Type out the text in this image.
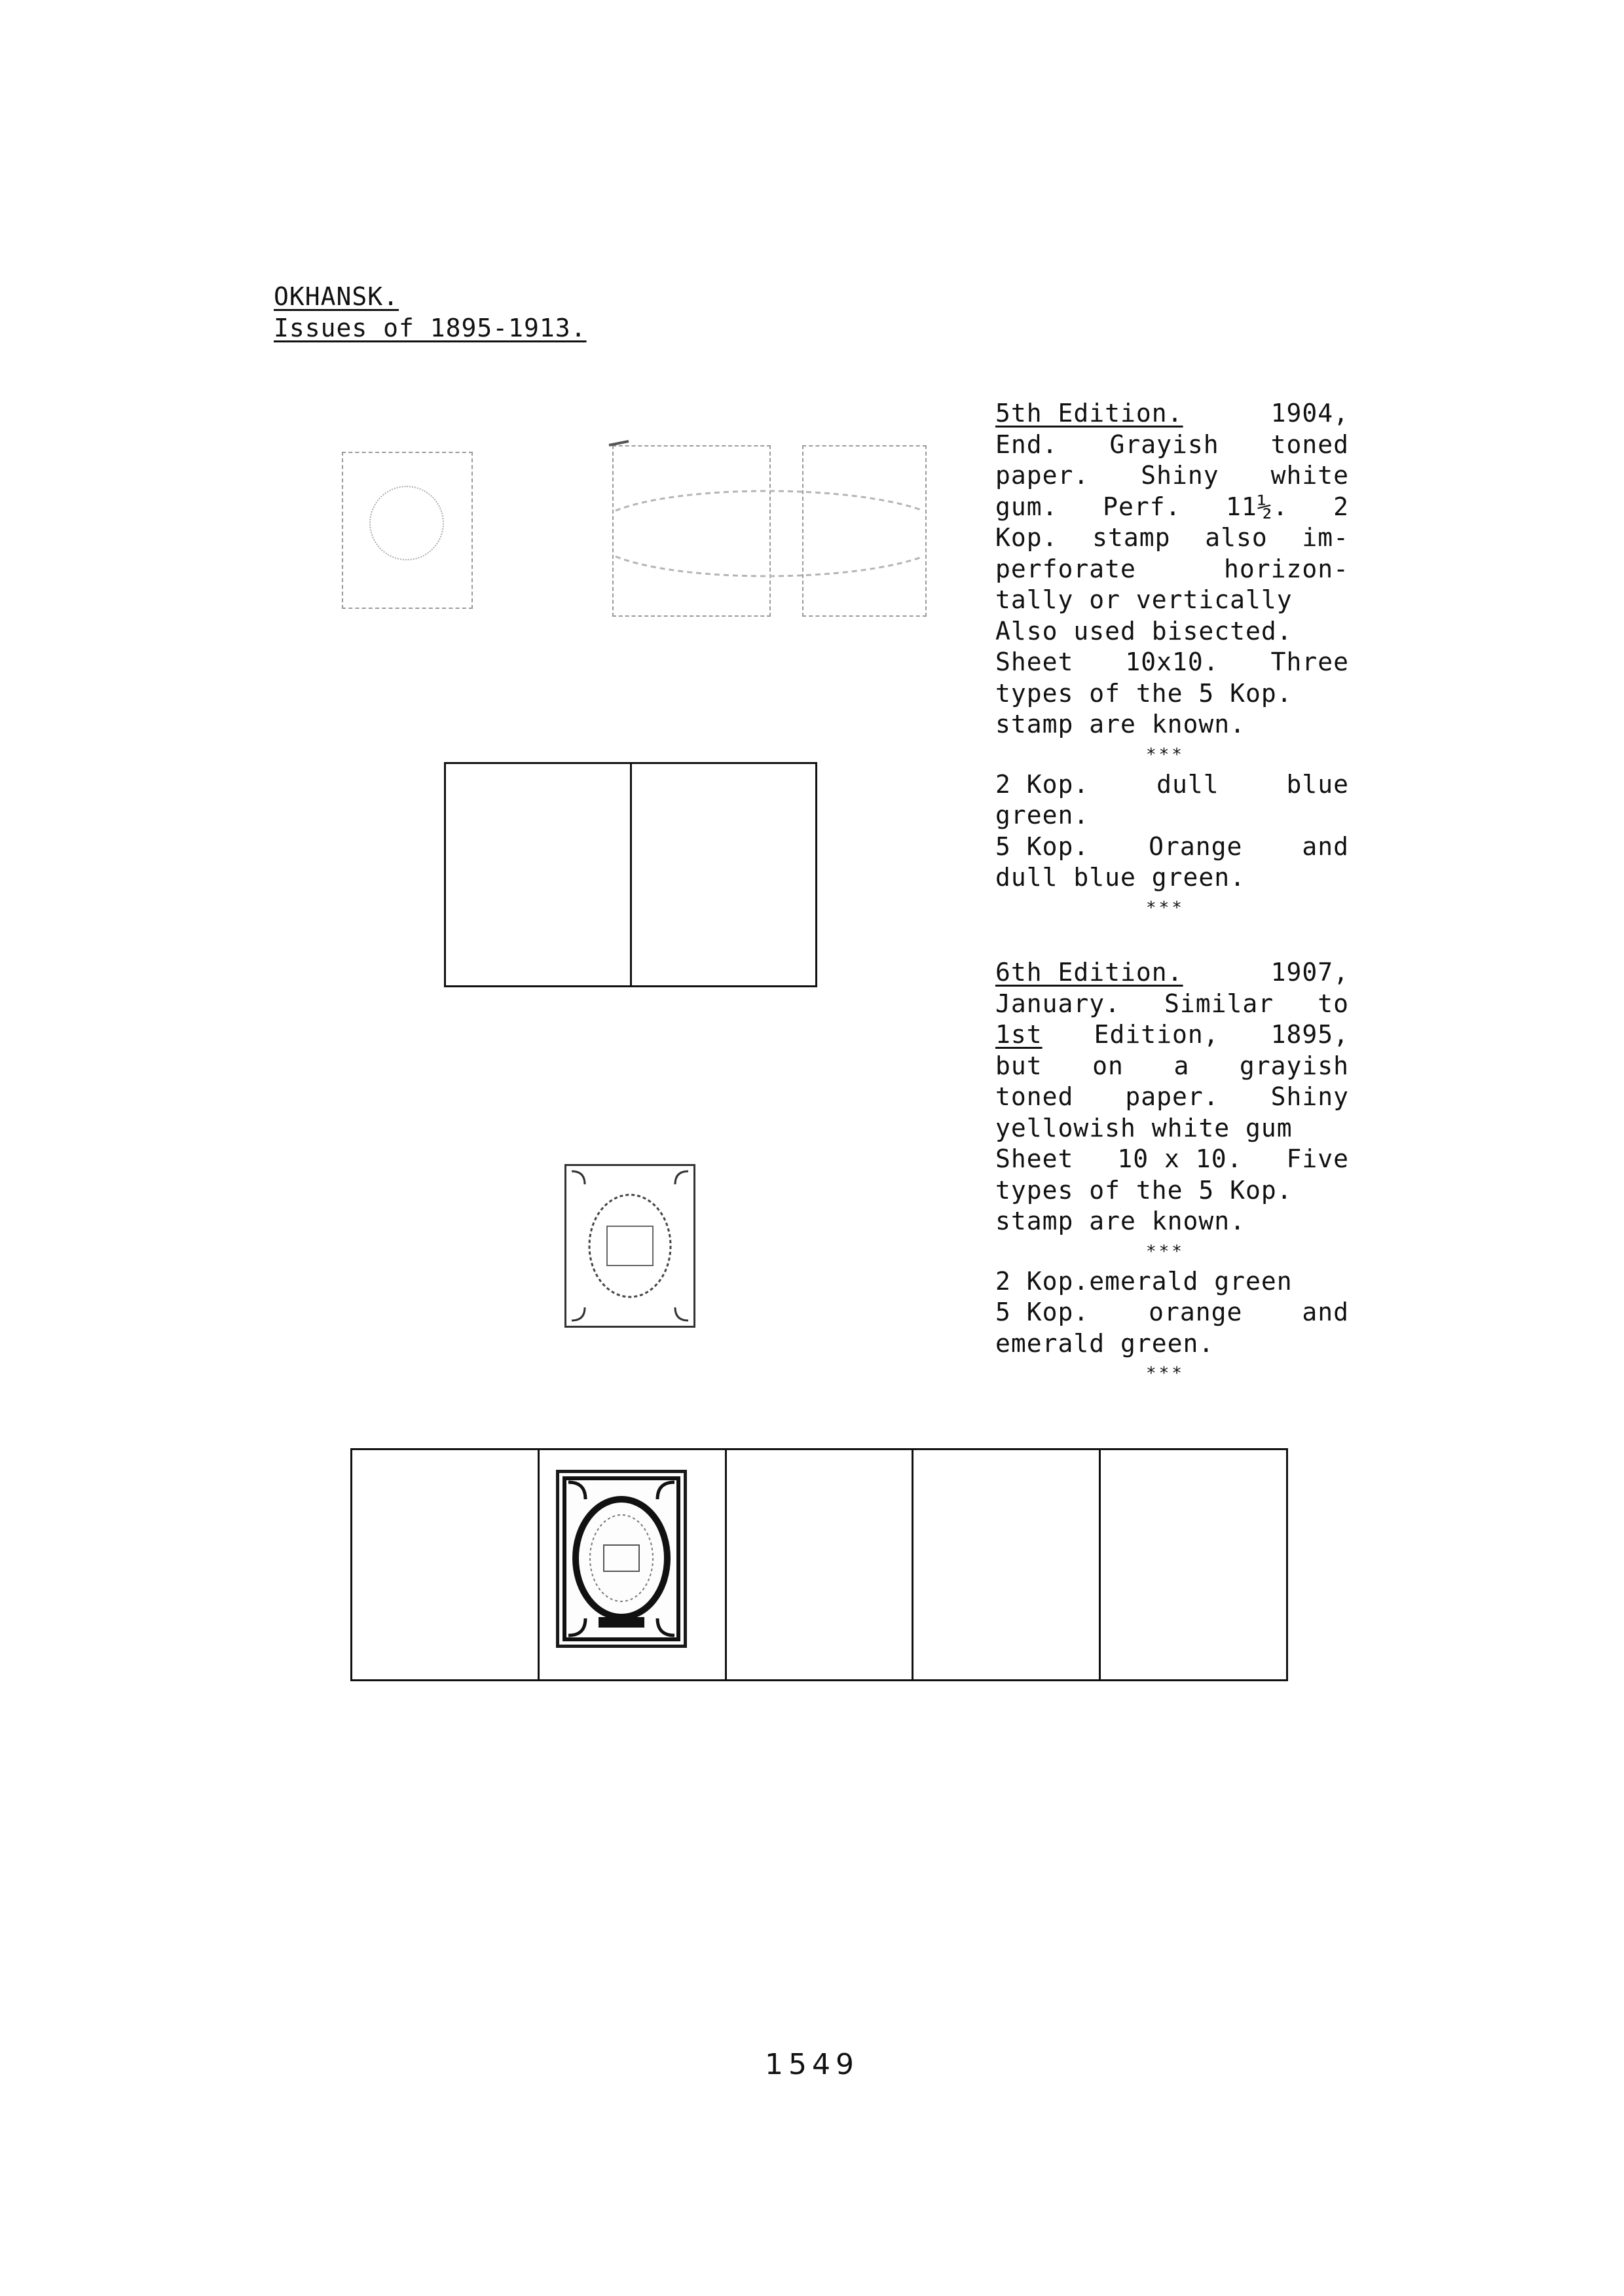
OKHANSK.
Issues of 1895-1913.
5th Edition.	1904,
End. Grayish toned
paper. Shiny white
gum. Perf. 11½. 2
Kop. stamp also im-
perforate	horizon-
tally or vertically
Also used bisected.
Sheet 10x10. Three
types of the 5 Kop.
stamp are known.
***
2 Kop.	dull	blue
green.
5 Kop. Orange and
dull blue green.
***
6th Edition.	1907,
January. Similar to
1st Edition, 1895,
but on a grayish
toned paper. Shiny
yellowish white gum
Sheet 10 x 10. Five
types of the 5 Kop.
stamp are known.
***
2 Kop.emerald green
5 Kop. orange and
emerald green.
***
1549
